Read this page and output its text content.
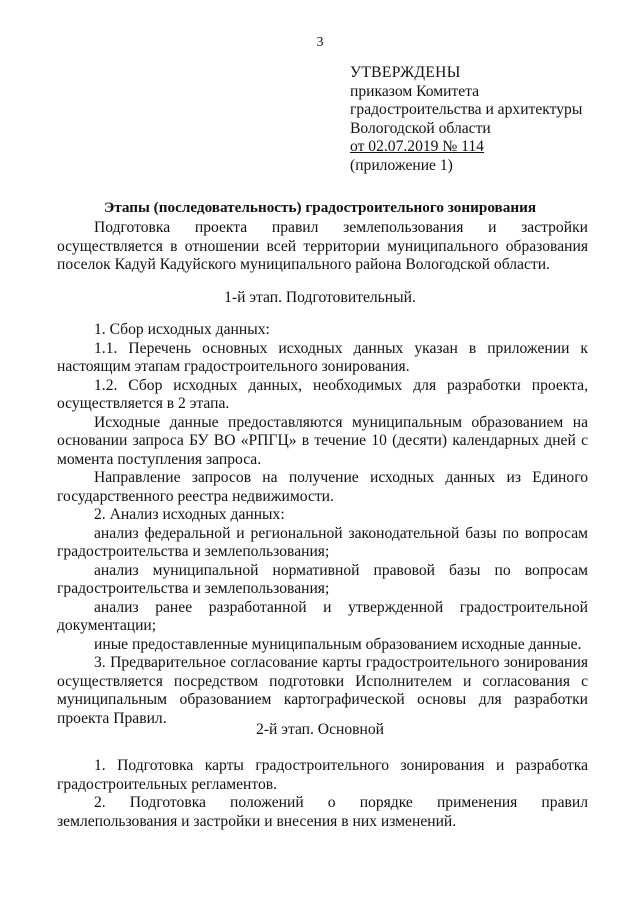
3
УТВЕРЖДЕНЫ
приказом Комитета
градостроительства и архитектуры
Вологодской области
от 02.07.2019 № 114
(приложение 1)
Этапы (последовательность) градостроительного зонирования

Подготовка проекта правил землепользования и застройки осуществляется в отношении всей территории муниципального образования поселок Кадуй Кадуйского муниципального района Вологодской области.

1-й этап. Подготовительный.

1. Сбор исходных данных:

1.1. Перечень основных исходных данных указан в приложении к настоящим этапам градостроительного зонирования.

1.2. Сбор исходных данных, необходимых для разработки проекта, осуществляется в 2 этапа.

Исходные данные предоставляются муниципальным образованием на основании запроса БУ ВО «РПГЦ» в течение 10 (десяти) календарных дней с момента поступления запроса.

Направление запросов на получение исходных данных из Единого государственного реестра недвижимости.

2. Анализ исходных данных:

анализ федеральной и региональной законодательной базы по вопросам градостроительства и землепользования;

анализ муниципальной нормативной правовой базы по вопросам градостроительства и землепользования;

анализ ранее разработанной и утвержденной градостроительной документации;

иные предоставленные муниципальным образованием исходные данные.

3. Предварительное согласование карты градостроительного зонирования осуществляется посредством подготовки Исполнителем и согласования с муниципальным образованием картографической основы для разработки проекта Правил.

2-й этап. Основной

1. Подготовка карты градостроительного зонирования и разработка градостроительных регламентов.

2. Подготовка положений о порядке применения правил землепользования и застройки и внесения в них изменений.
